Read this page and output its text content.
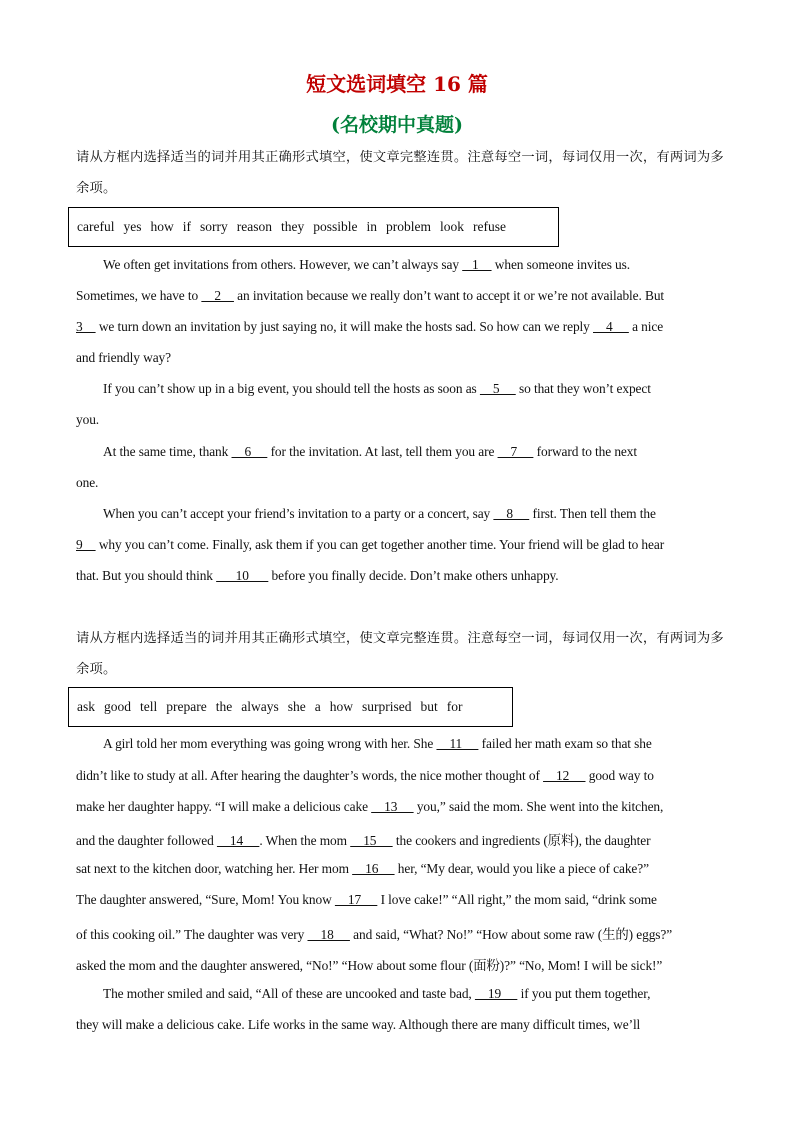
短文选词填空 16 篇
(名校期中真题)
请从方框内选择适当的词并用其正确形式填空，使文章完整连贯。注意每空一词，每词仅用一次，有两词为多余项。
careful yes how if sorry reason they possible in problem look refuse
We often get invitations from others. However, we can’t always say    1     when someone invites us.
Sometimes, we have to     2     an invitation because we really don’t want to accept it or we’re not available. But
3     we turn down an invitation by just saying no, it will make the hosts sad. So how can we reply     4      a nice
and friendly way?
If you can’t show up in a big event, you should tell the hosts as soon as     5      so that they won’t expect
you.
At the same time, thank     6      for the invitation. At last, tell them you are     7      forward to the next
one.
When you can’t accept your friend’s invitation to a party or a concert, say     8      first. Then tell them the
9     why you can’t come. Finally, ask them if you can get together another time. Your friend will be glad to hear
that. But you should think       10       before you finally decide. Don’t make others unhappy.
请从方框内选择适当的词并用其正确形式填空，使文章完整连贯。注意每空一词，每词仅用一次，有两词为多余项。
ask good tell prepare the always she a how surprised but for
A girl told her mom everything was going wrong with her. She     11      failed her math exam so that she
didn’t like to study at all. After hearing the daughter’s words, the nice mother thought of     12      good way to
make her daughter happy. “I will make a delicious cake     13      you,” said the mom. She went into the kitchen,
and the daughter followed     14     . When the mom     15      the cookers and ingredients (原料), the daughter
sat next to the kitchen door, watching her. Her mom     16      her, “My dear, would you like a piece of cake?”
The daughter answered, “Sure, Mom! You know     17      I love cake!” “All right,” the mom said, “drink some
of this cooking oil.” The daughter was very     18      and said, “What? No!” “How about some raw (生的) eggs?”
asked the mom and the daughter answered, “No!” “How about some flour (面粉)?” “No, Mom! I will be sick!”
The mother smiled and said, “All of these are uncooked and taste bad,     19      if you put them together,
they will make a delicious cake. Life works in the same way. Although there are many difficult times, we’ll
